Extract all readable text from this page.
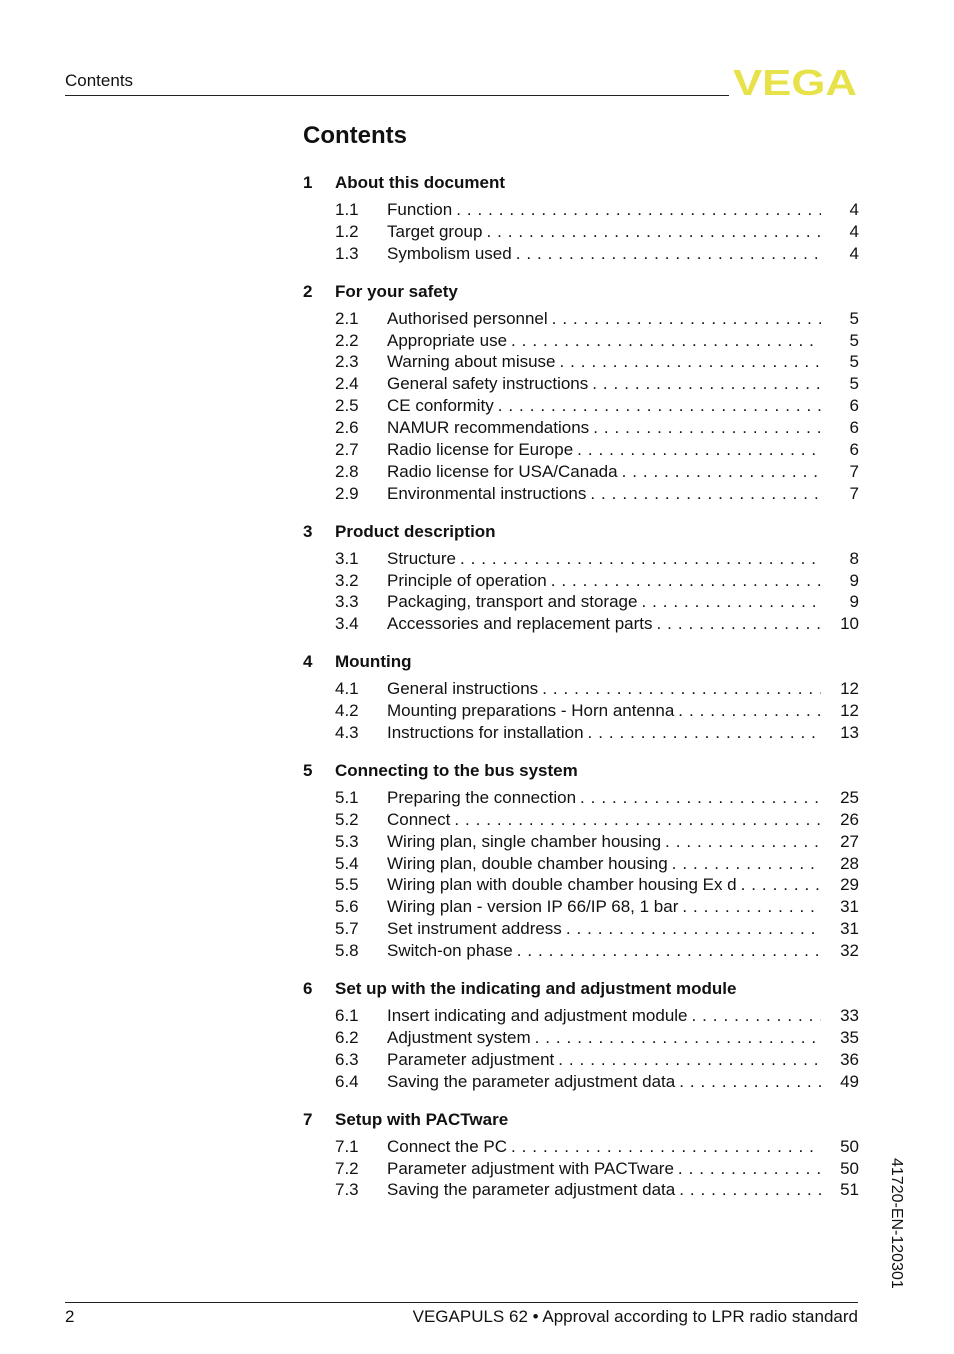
Contents	VEGA
Contents
1	About this document
1.1	Function . . .	4
1.2	Target group . . .	4
1.3	Symbolism used . . .	4
2	For your safety
2.1	Authorised personnel . . .	5
2.2	Appropriate use . . .	5
2.3	Warning about misuse . . .	5
2.4	General safety instructions . . .	5
2.5	CE conformity . . .	6
2.6	NAMUR recommendations . . .	6
2.7	Radio license for Europe . . .	6
2.8	Radio license for USA/Canada . . .	7
2.9	Environmental instructions . . .	7
3	Product description
3.1	Structure . . .	8
3.2	Principle of operation . . .	9
3.3	Packaging, transport and storage . . .	9
3.4	Accessories and replacement parts . . .	10
4	Mounting
4.1	General instructions . . .	12
4.2	Mounting preparations - Horn antenna . . .	12
4.3	Instructions for installation . . .	13
5	Connecting to the bus system
5.1	Preparing the connection . . .	25
5.2	Connect . . .	26
5.3	Wiring plan, single chamber housing . . .	27
5.4	Wiring plan, double chamber housing . . .	28
5.5	Wiring plan with double chamber housing Ex d . . .	29
5.6	Wiring plan - version IP 66/IP 68, 1 bar . . .	31
5.7	Set instrument address . . .	31
5.8	Switch-on phase . . .	32
6	Set up with the indicating and adjustment module
6.1	Insert indicating and adjustment module . . .	33
6.2	Adjustment system . . .	35
6.3	Parameter adjustment . . .	36
6.4	Saving the parameter adjustment data . . .	49
7	Setup with PACTware
7.1	Connect the PC . . .	50
7.2	Parameter adjustment with PACTware . . .	50
7.3	Saving the parameter adjustment data . . .	51 41720-EN-120301
2	VEGAPULS 62 • Approval according to LPR radio standard
